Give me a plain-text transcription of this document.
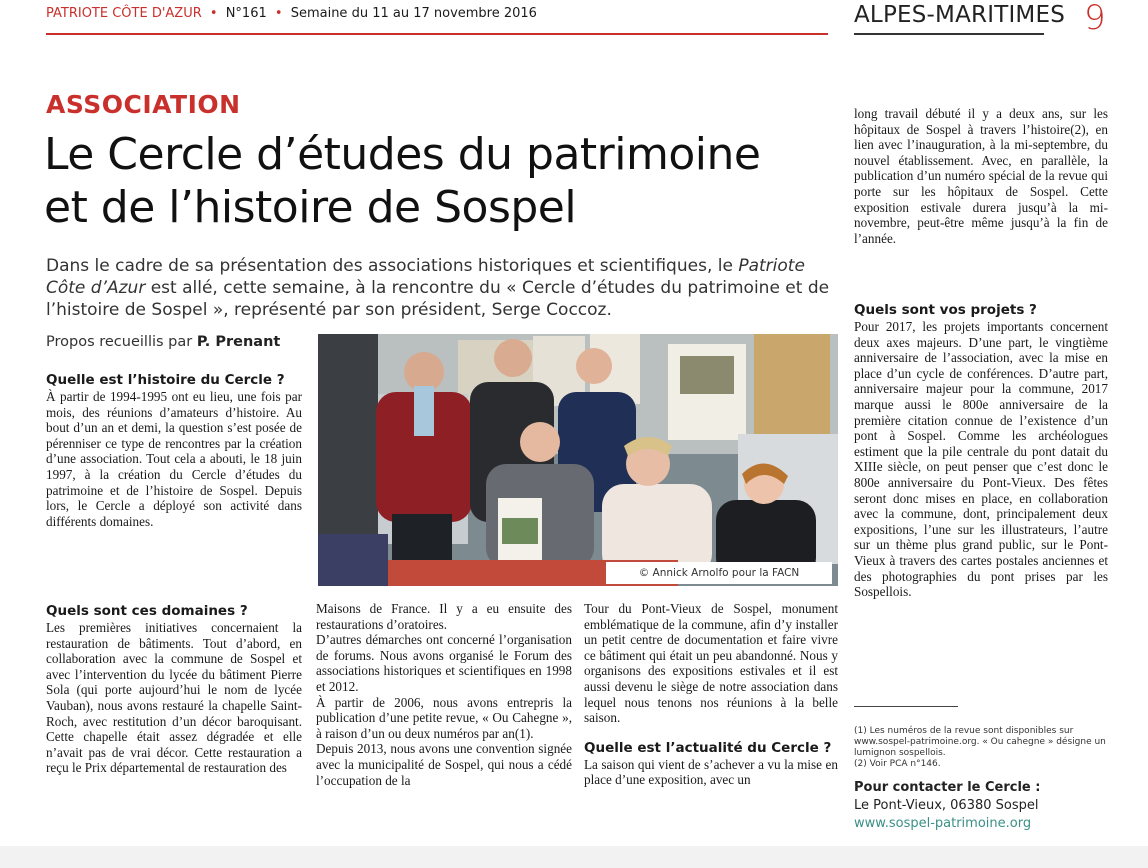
PATRIOTE CÔTE D'AZUR • N°161 • Semaine du 11 au 17 novembre 2016	ALPES-MARITIMES 9
ASSOCIATION
Le Cercle d’études du patrimoine
et de l’histoire de Sospel
Dans le cadre de sa présentation des associations historiques et scientifiques, le Patriote Côte d’Azur est allé, cette semaine, à la rencontre du « Cercle d’études du patrimoine et de l’histoire de Sospel », représenté par son président, Serge Coccoz.
Propos recueillis par P. Prenant
Quelle est l’histoire du Cercle ?

À partir de 1994-1995 ont eu lieu, une fois par mois, des réunions d’amateurs d’histoire. Au bout d’un an et demi, la question s’est posée de pérenniser ce type de rencontres par la création d’une association. Tout cela a abouti, le 18 juin 1997, à la création du Cercle d’études du patrimoine et de l’histoire de Sospel. Depuis lors, le Cercle a déployé son activité dans différents domaines.

© Annick Arnolfo pour la FACN
Quels sont ces domaines ?

Les premières initiatives concernaient la restauration de bâtiments. Tout d’abord, en collaboration avec la commune de Sospel et avec l’intervention du lycée du bâtiment Pierre Sola (qui porte aujourd’hui le nom de lycée Vauban), nous avons restauré la chapelle Saint-Roch, avec restitution d’un décor baroquisant. Cette chapelle était assez dégradée et elle n’avait pas de vrai décor. Cette restauration a reçu le Prix départemental de restauration des

Maisons de France. Il y a eu ensuite des restaurations d’oratoires.

D’autres démarches ont concerné l’organisation de forums. Nous avons organisé le Forum des associations historiques et scientifiques en 1998 et 2012.

À partir de 2006, nous avons entrepris la publication d’une petite revue, « Ou Cahegne », à raison d’un ou deux numéros par an(1).

Depuis 2013, nous avons une convention signée avec la municipalité de Sospel, qui nous a cédé l’occupation de la

Tour du Pont-Vieux de Sospel, monument emblématique de la commune, afin d’y installer un petit centre de documentation et faire vivre ce bâtiment qui était un peu abandonné. Nous y organisons des expositions estivales et il est aussi devenu le siège de notre association dans lequel nous tenons nos réunions à la belle saison.

Quelle est l’actualité du Cercle ?

La saison qui vient de s’achever a vu la mise en place d’une exposition, avec un

long travail débuté il y a deux ans, sur les hôpitaux de Sospel à travers l’histoire(2), en lien avec l’inauguration, à la mi-septembre, du nouvel établissement. Avec, en parallèle, la publication d’un numéro spécial de la revue qui porte sur les hôpitaux de Sospel. Cette exposition estivale durera jusqu’à la mi-novembre, peut-être même jusqu’à la fin de l’année.

Quels sont vos projets ?

Pour 2017, les projets importants concernent deux axes majeurs. D’une part, le vingtième anniversaire de l’association, avec la mise en place d’un cycle de conférences. D’autre part, anniversaire majeur pour la commune, 2017 marque aussi le 800e anniversaire de la première citation connue de l’existence d’un pont à Sospel. Comme les archéologues estiment que la pile centrale du pont datait du XIIIe siècle, on peut penser que c’est donc le 800e anniversaire du Pont-Vieux. Des fêtes seront donc mises en place, en collaboration avec la commune, dont, principalement deux expositions, l’une sur les illustrateurs, l’autre sur un thème plus grand public, sur le Pont-Vieux à travers des cartes postales anciennes et des photographies du pont prises par les Sospellois.

(1) Les numéros de la revue sont disponibles sur www.sospel-patrimoine.org. « Ou cahegne » désigne un lumignon sospellois.

(2) Voir PCA n°146.

Pour contacter le Cercle :
Le Pont-Vieux, 06380 Sospel
www.sospel-patrimoine.org
